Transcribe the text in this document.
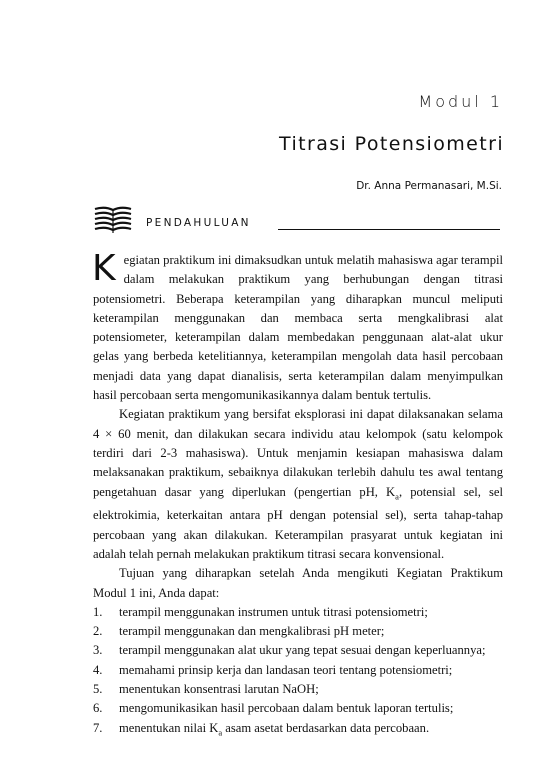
Modul 1
Titrasi Potensiometri
Dr. Anna Permanasari, M.Si.
PENDAHULUAN

Kegiatan praktikum ini dimaksudkan untuk melatih mahasiswa agar terampil dalam melakukan praktikum yang berhubungan dengan titrasi potensiometri. Beberapa keterampilan yang diharapkan muncul meliputi keterampilan menggunakan dan membaca serta mengkalibrasi alat potensiometer, keterampilan dalam membedakan penggunaan alat-alat ukur gelas yang berbeda ketelitiannya, keterampilan mengolah data hasil percobaan menjadi data yang dapat dianalisis, serta keterampilan dalam menyimpulkan hasil percobaan serta mengomunikasikannya dalam bentuk tertulis.

Kegiatan praktikum yang bersifat eksplorasi ini dapat dilaksanakan selama 4 × 60 menit, dan dilakukan secara individu atau kelompok (satu kelompok terdiri dari 2-3 mahasiswa). Untuk menjamin kesiapan mahasiswa dalam melaksanakan praktikum, sebaiknya dilakukan terlebih dahulu tes awal tentang pengetahuan dasar yang diperlukan (pengertian pH, $K_a$, potensial sel, sel elektrokimia, keterkaitan antara pH dengan potensial sel), serta tahap-tahap percobaan yang akan dilakukan. Keterampilan prasyarat untuk kegiatan ini adalah telah pernah melakukan praktikum titrasi secara konvensional.

Tujuan yang diharapkan setelah Anda mengikuti Kegiatan Praktikum Modul 1 ini, Anda dapat:

1. terampil menggunakan instrumen untuk titrasi potensiometri;
2. terampil menggunakan dan mengkalibrasi pH meter;
3. terampil menggunakan alat ukur yang tepat sesuai dengan keperluannya;
4. memahami prinsip kerja dan landasan teori tentang potensiometri;
5. menentukan konsentrasi larutan NaOH;
6. mengomunikasikan hasil percobaan dalam bentuk laporan tertulis;
7. menentukan nilai $K_a$ asam asetat berdasarkan data percobaan.
